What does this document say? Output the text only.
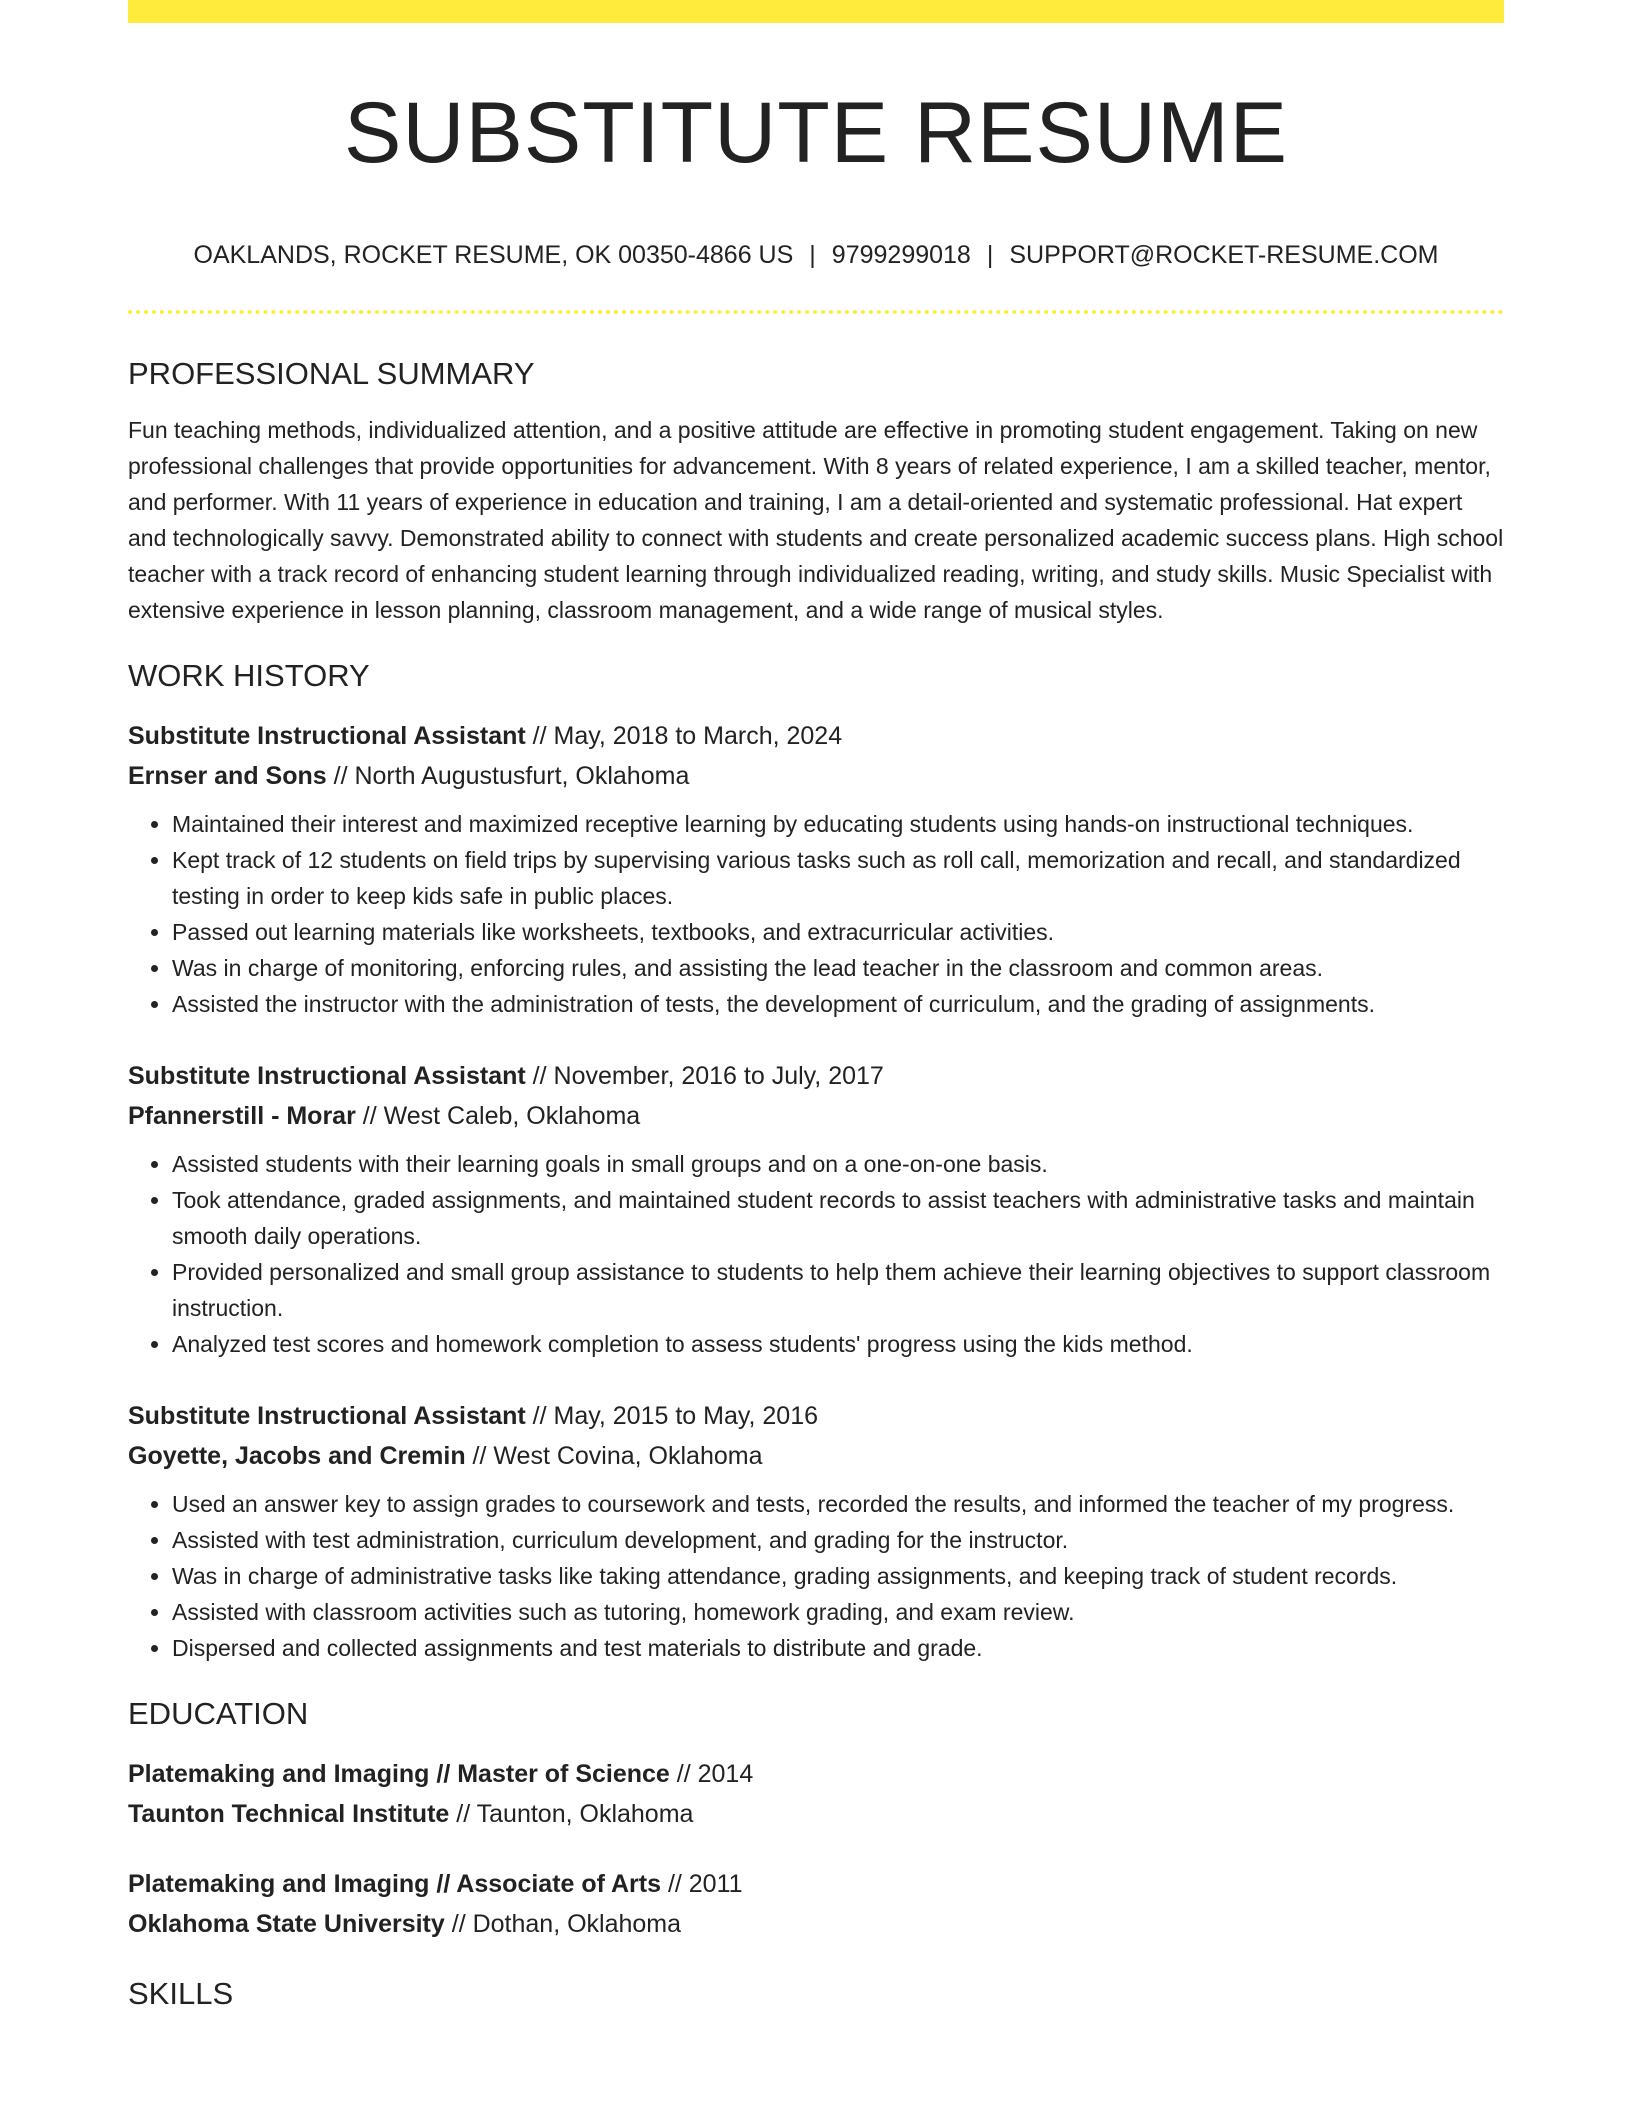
SUBSTITUTE RESUME
OAKLANDS, ROCKET RESUME, OK 00350-4866 US | 9799299018 | SUPPORT@ROCKET-RESUME.COM
PROFESSIONAL SUMMARY
Fun teaching methods, individualized attention, and a positive attitude are effective in promoting student engagement. Taking on new professional challenges that provide opportunities for advancement. With 8 years of related experience, I am a skilled teacher, mentor, and performer. With 11 years of experience in education and training, I am a detail-oriented and systematic professional. Hat expert and technologically savvy. Demonstrated ability to connect with students and create personalized academic success plans. High school teacher with a track record of enhancing student learning through individualized reading, writing, and study skills. Music Specialist with extensive experience in lesson planning, classroom management, and a wide range of musical styles.
WORK HISTORY
Substitute Instructional Assistant // May, 2018 to March, 2024
Ernser and Sons // North Augustusfurt, Oklahoma
• Maintained their interest and maximized receptive learning by educating students using hands-on instructional techniques.
• Kept track of 12 students on field trips by supervising various tasks such as roll call, memorization and recall, and standardized testing in order to keep kids safe in public places.
• Passed out learning materials like worksheets, textbooks, and extracurricular activities.
• Was in charge of monitoring, enforcing rules, and assisting the lead teacher in the classroom and common areas.
• Assisted the instructor with the administration of tests, the development of curriculum, and the grading of assignments.
Substitute Instructional Assistant // November, 2016 to July, 2017
Pfannerstill - Morar // West Caleb, Oklahoma
• Assisted students with their learning goals in small groups and on a one-on-one basis.
• Took attendance, graded assignments, and maintained student records to assist teachers with administrative tasks and maintain smooth daily operations.
• Provided personalized and small group assistance to students to help them achieve their learning objectives to support classroom instruction.
• Analyzed test scores and homework completion to assess students' progress using the kids method.
Substitute Instructional Assistant // May, 2015 to May, 2016
Goyette, Jacobs and Cremin // West Covina, Oklahoma
• Used an answer key to assign grades to coursework and tests, recorded the results, and informed the teacher of my progress.
• Assisted with test administration, curriculum development, and grading for the instructor.
• Was in charge of administrative tasks like taking attendance, grading assignments, and keeping track of student records.
• Assisted with classroom activities such as tutoring, homework grading, and exam review.
• Dispersed and collected assignments and test materials to distribute and grade.
EDUCATION
Platemaking and Imaging // Master of Science // 2014
Taunton Technical Institute // Taunton, Oklahoma
Platemaking and Imaging // Associate of Arts // 2011
Oklahoma State University // Dothan, Oklahoma
SKILLS
